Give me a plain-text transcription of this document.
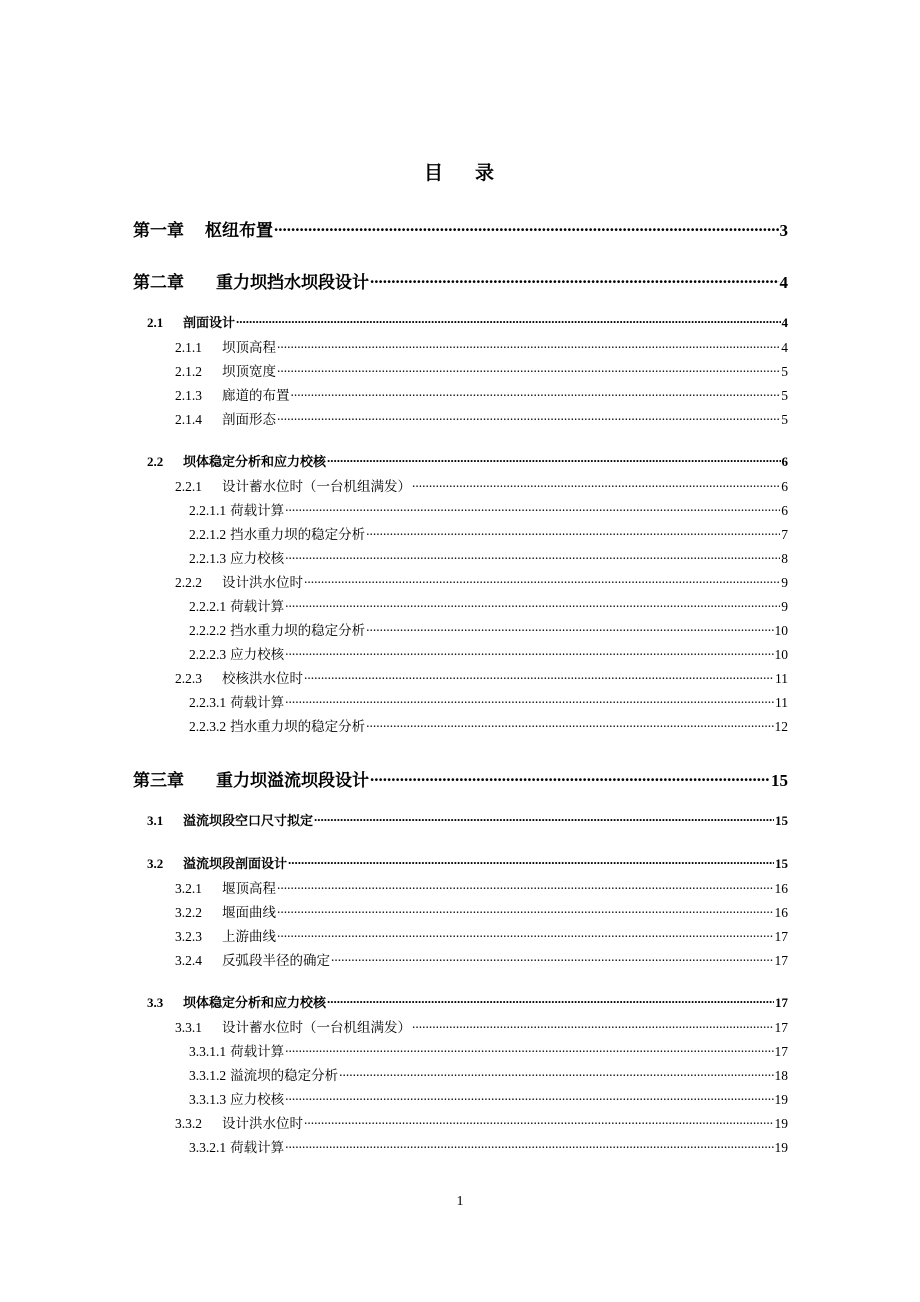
目 录
第一章	枢纽布置 .....	3
第二章	重力坝挡水坝段设计 .....	4
2.1	剖面设计 .....	4
2.1.1	坝顶高程 .....	4
2.1.2	坝顶宽度 .....	5
2.1.3	廊道的布置 .....	5
2.1.4	剖面形态 .....	5
2.2	坝体稳定分析和应力校核 .....	6
2.2.1	设计蓄水位时（一台机组满发） .....	6
2.2.1.1 荷载计算 .....	6
2.2.1.2 挡水重力坝的稳定分析 .....	7
2.2.1.3 应力校核 .....	8
2.2.2	设计洪水位时 .....	9
2.2.2.1 荷载计算 .....	9
2.2.2.2 挡水重力坝的稳定分析 .....	10
2.2.2.3 应力校核 .....	10
2.2.3	校核洪水位时 .....	11
2.2.3.1 荷载计算 .....	11
2.2.3.2 挡水重力坝的稳定分析 .....	12
第三章	重力坝溢流坝段设计 .....	15
3.1	溢流坝段空口尺寸拟定 .....	15
3.2	溢流坝段剖面设计 .....	15
3.2.1	堰顶高程 .....	16
3.2.2	堰面曲线 .....	16
3.2.3	上游曲线 .....	17
3.2.4	反弧段半径的确定 .....	17
3.3	坝体稳定分析和应力校核 .....	17
3.3.1	设计蓄水位时（一台机组满发） .....	17
3.3.1.1 荷载计算 .....	17
3.3.1.2 溢流坝的稳定分析 .....	18
3.3.1.3 应力校核 .....	19
3.3.2	设计洪水位时 .....	19
3.3.2.1 荷载计算 .....	19
1
